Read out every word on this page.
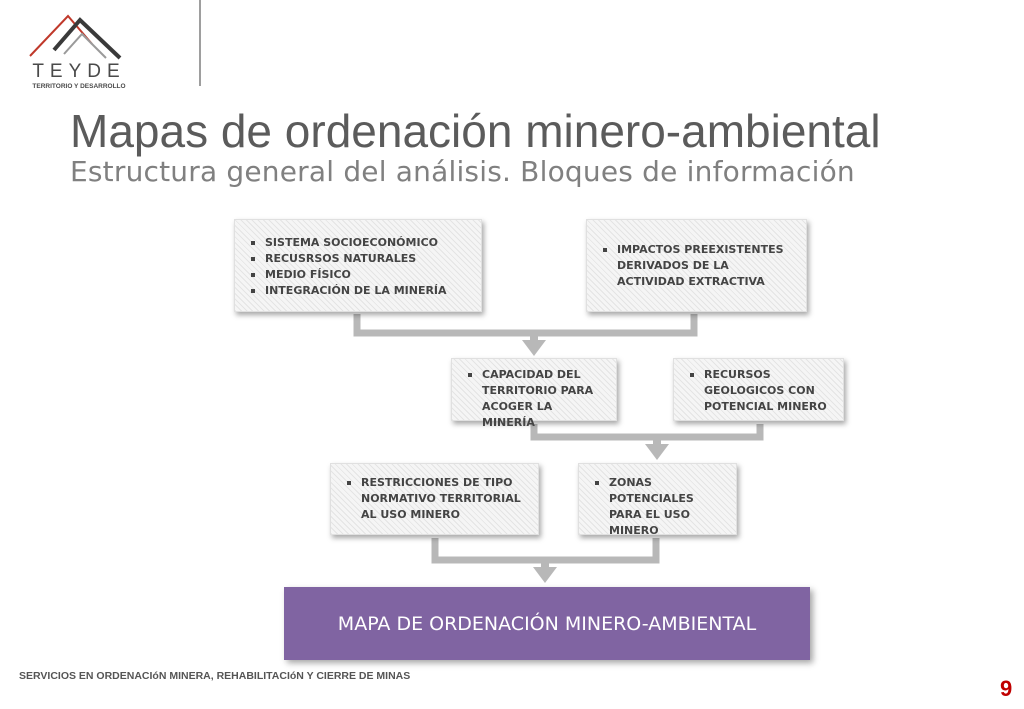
TEYDE
TERRITORIO Y DESARROLLO
Mapas de ordenación minero-ambiental
Estructura general del análisis. Bloques de información
SISTEMA SOCIOECONÓMICO
RECUSRSOS NATURALES
MEDIO FÍSICO
INTEGRACIÓN DE LA MINERÍA
IMPACTOS PREEXISTENTES DERIVADOS DE LA ACTIVIDAD EXTRACTIVA
CAPACIDAD DEL TERRITORIO PARA ACOGER LA MINERÍA
RECURSOS GEOLOGICOS CON POTENCIAL MINERO
RESTRICCIONES DE TIPO NORMATIVO TERRITORIAL AL USO MINERO
ZONAS POTENCIALES PARA EL USO MINERO
MAPA DE ORDENACIÓN MINERO-AMBIENTAL
SERVICIOS EN ORDENACIóN MINERA, REHABILITACIóN Y CIERRE DE MINAS	9
